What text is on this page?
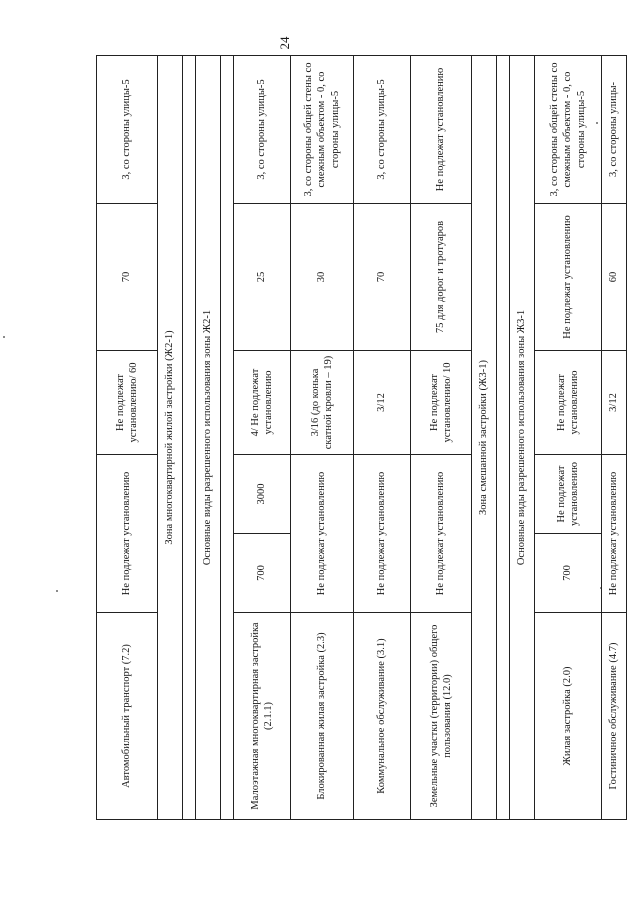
24
Автомобильный транспорт (7.2)	Не подлежат установлению		Не подлежат установлению/ 60	70	3, со стороны улицы-5
Зона многоквартирной жилой застройки (Ж2-1)					

Основные виды разрешенного использования зоны Ж2-1					

Малоэтажная многоквартирная застройка (2.1.1)	700	3000	4/ Не подлежат установлению	25	3, со стороны улицы-5
Блокированная жилая застройка (2.3)	Не подлежат установлению		3/16 (до конька скатной кровли – 19)	30	3, со стороны общей стены со смежным объектом - 0, со стороны улицы-5
Коммунальное обслуживание (3.1)	Не подлежат установлению		3/12	70	3, со стороны улицы-5
Земельные участки (территории) общего пользования (12.0)	Не подлежат установлению		Не подлежат установлению/ 10	75 для дорог и тротуаров	Не подлежат установлению
Зона смешанной застройки (Ж3-1)					

Основные виды разрешенного использования зоны Ж3-1					
Жилая застройка (2.0)	700	Не подлежат установлению	Не подлежат установлению	Не подлежат установлению	3, со стороны общей стены со смежным объектом - 0, со стороны улицы-5
Гостиничное обслуживание (4.7)	Не подлежат установлению		3/12	60	3, со стороны улицы-
